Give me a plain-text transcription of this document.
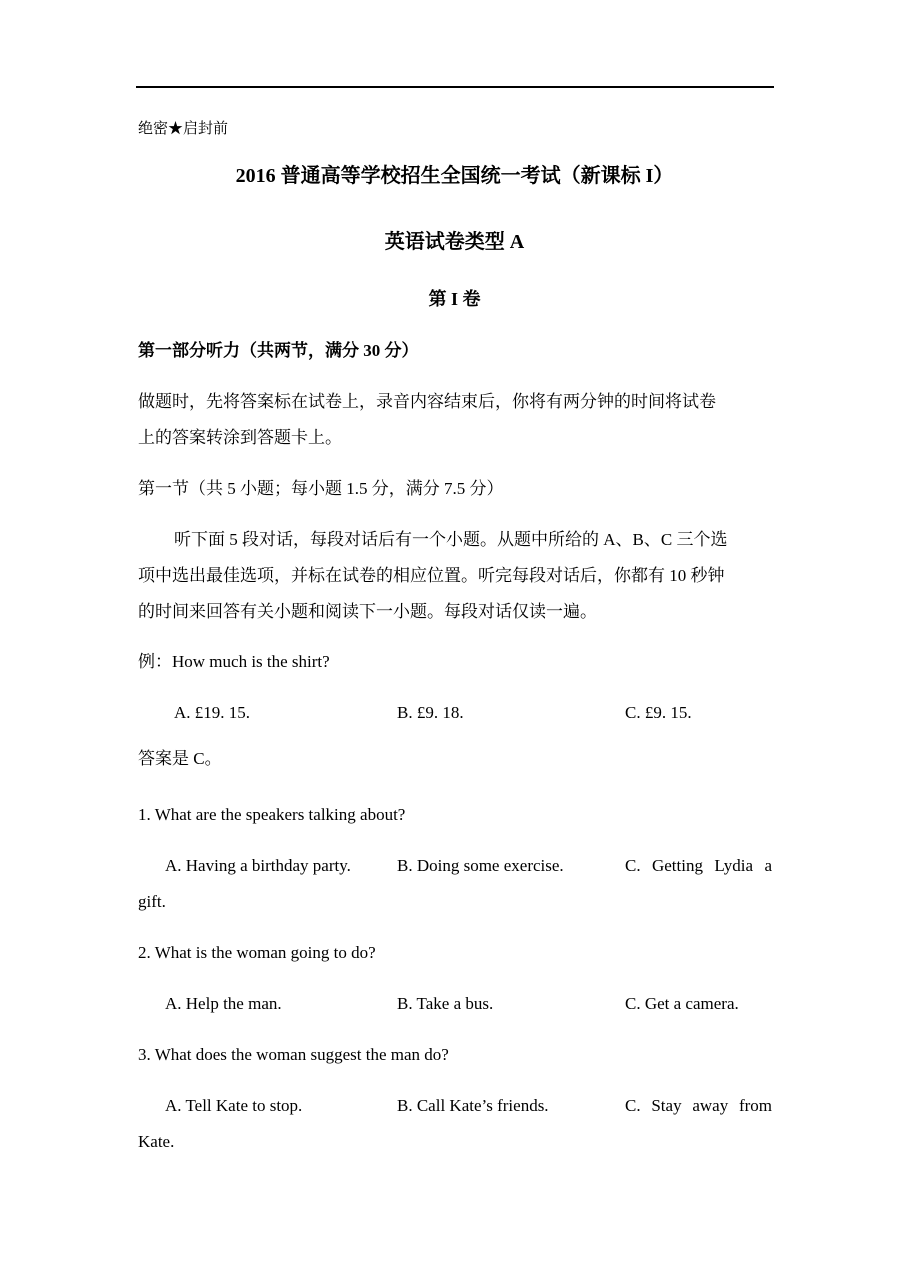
绝密★启封前
2016 普通高等学校招生全国统一考试（新课标 I）
英语试卷类型 A
第 I 卷
第一部分听力（共两节，满分 30 分）
做题时，先将答案标在试卷上，录音内容结束后，你将有两分钟的时间将试卷
上的答案转涂到答题卡上。
第一节（共 5 小题；每小题 1.5 分，满分 7.5 分）
听下面 5 段对话，每段对话后有一个小题。从题中所给的 A、B、C 三个选
项中选出最佳选项，并标在试卷的相应位置。听完每段对话后，你都有 10 秒钟
的时间来回答有关小题和阅读下一小题。每段对话仅读一遍。
例：How much is the shirt?
A. £19. 15.	B. £9. 18.	C. £9. 15.
答案是 C。
1. What are the speakers talking about?
A. Having a birthday party.	B. Doing some exercise.	C. Getting Lydia a
gift.
2. What is the woman going to do?
A. Help the man.	B. Take a bus.	C. Get a camera.
3. What does the woman suggest the man do?
A. Tell Kate to stop.	B. Call Kate’s friends.	C. Stay away from
Kate.
